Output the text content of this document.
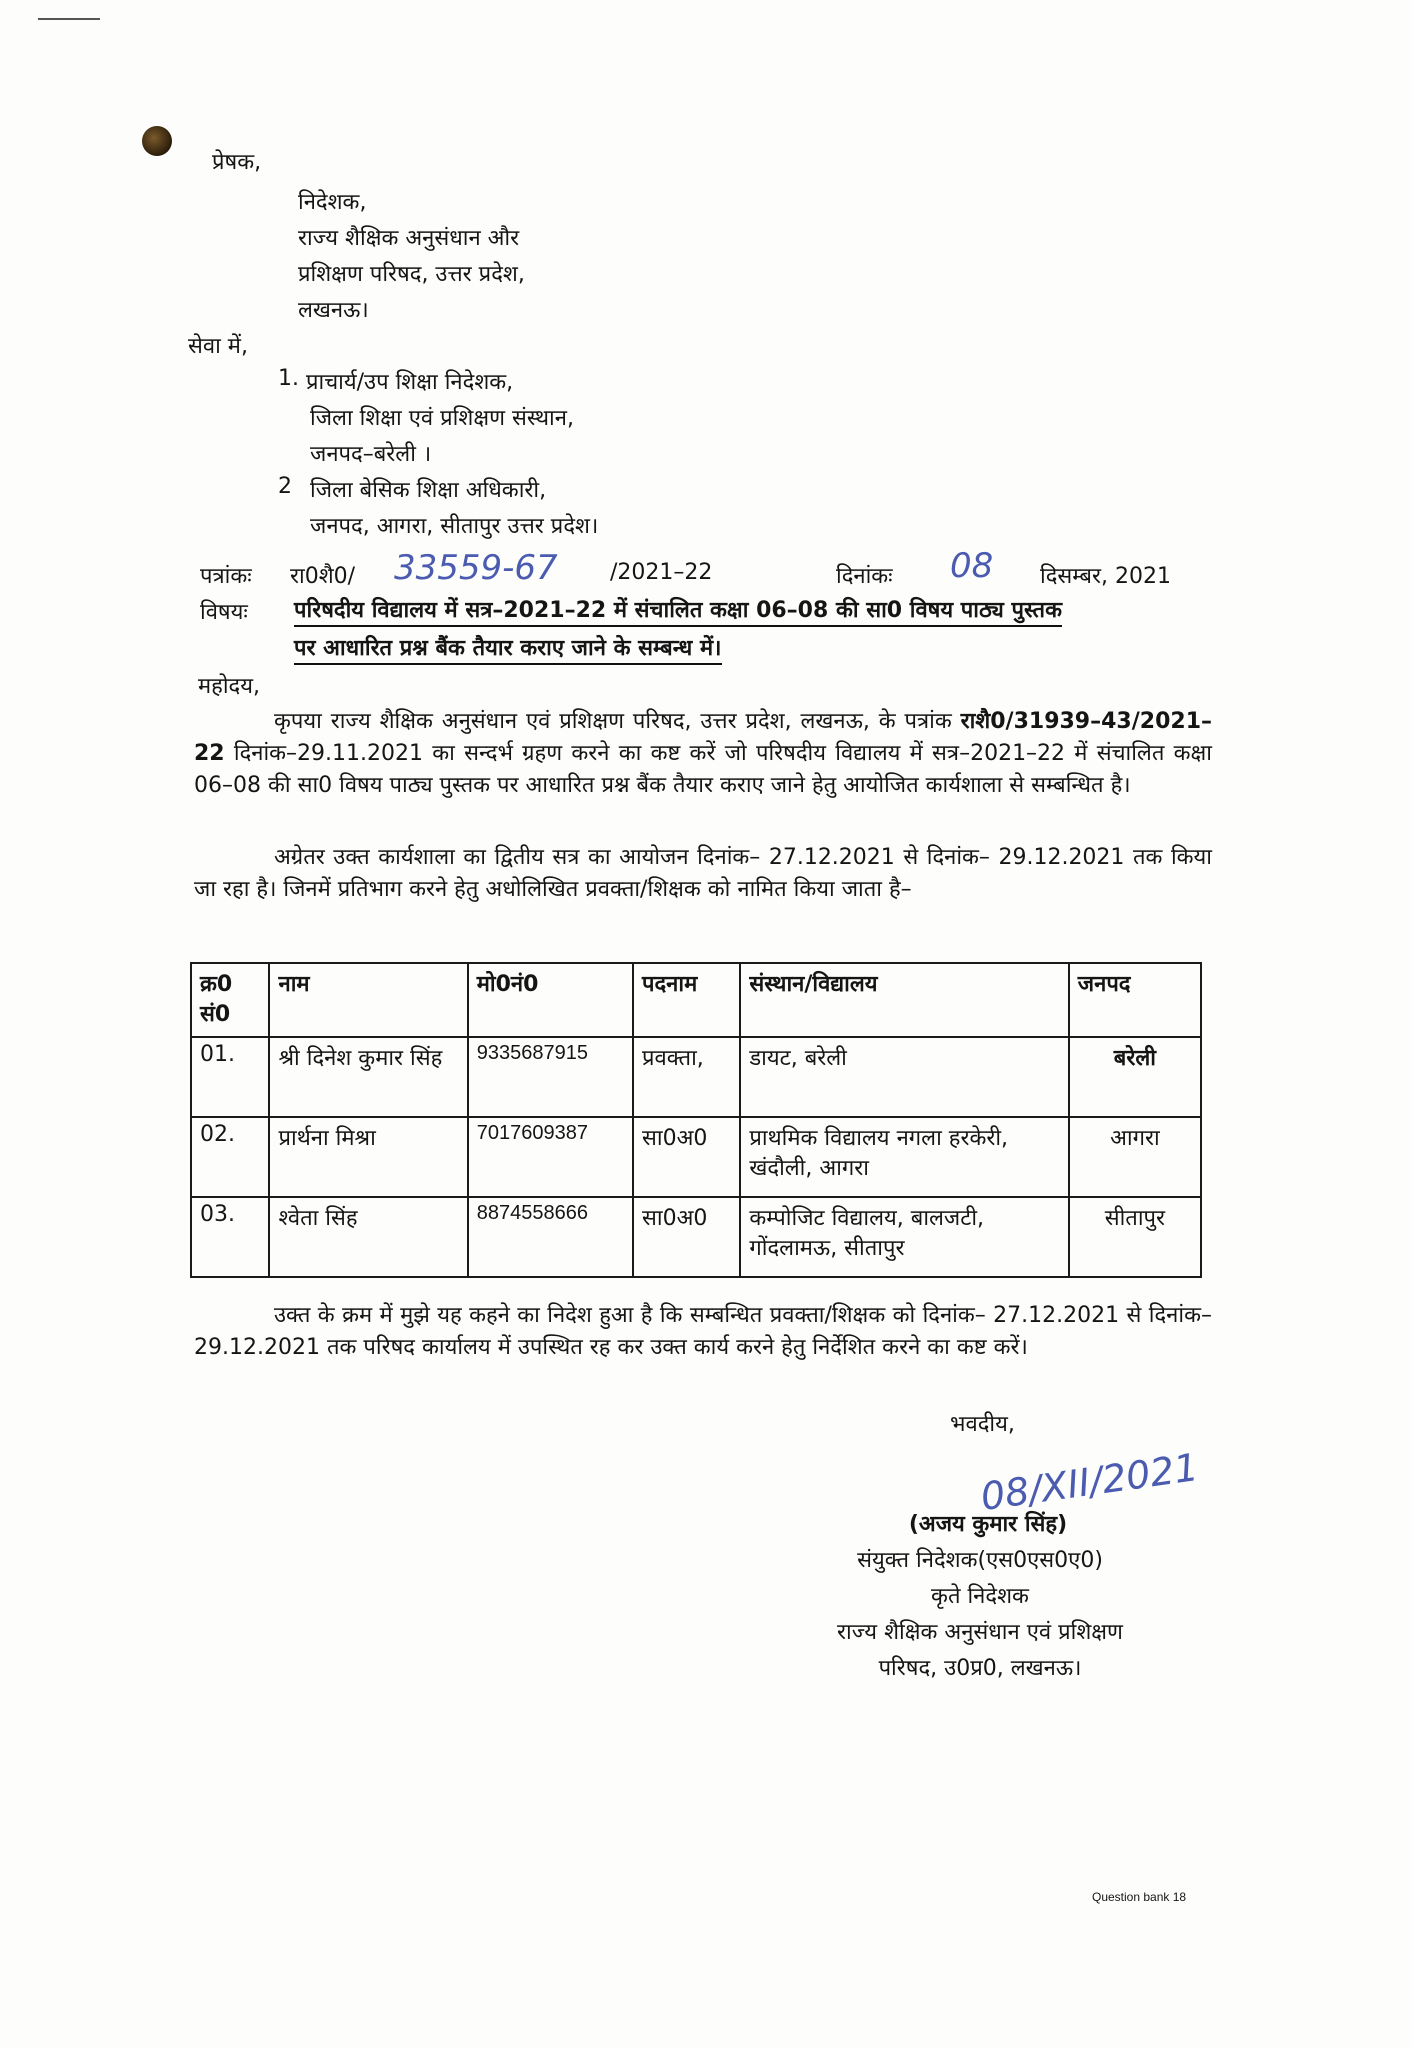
प्रेषक,
निदेशक,
राज्य शैक्षिक अनुसंधान और
प्रशिक्षण परिषद, उत्तर प्रदेश,
लखनऊ।
सेवा में,
1. प्राचार्य/उप शिक्षा निदेशक,
जिला शिक्षा एवं प्रशिक्षण संस्थान,
जनपद–बरेली ।
2 जिला बेसिक शिक्षा अधिकारी,
जनपद, आगरा, सीतापुर उत्तर प्रदेश।
पत्रांकः रा0शै0/ 33559-67 /2021–22	दिनांकः 08 दिसम्बर, 2021
विषयः परिषदीय विद्यालय में सत्र–2021–22 में संचालित कक्षा 06–08 की सा0 विषय पाठ्य पुस्तक
पर आधारित प्रश्न बैंक तैयार कराए जाने के सम्बन्ध में।
महोदय,
कृपया राज्य शैक्षिक अनुसंधान एवं प्रशिक्षण परिषद, उत्तर प्रदेश, लखनऊ, के पत्रांक राशै0/31939–43/2021–22 दिनांक–29.11.2021 का सन्दर्भ ग्रहण करने का कष्ट करें जो परिषदीय विद्यालय में सत्र–2021–22 में संचालित कक्षा 06–08 की सा0 विषय पाठ्य पुस्तक पर आधारित प्रश्न बैंक तैयार कराए जाने हेतु आयोजित कार्यशाला से सम्बन्धित है।
अग्रेतर उक्त कार्यशाला का द्वितीय सत्र का आयोजन दिनांक– 27.12.2021 से दिनांक– 29.12.2021 तक किया जा रहा है। जिनमें प्रतिभाग करने हेतु अधोलिखित प्रवक्ता/शिक्षक को नामित किया जाता है–
क्र0 सं0	नाम	मो0नं0	पदनाम	संस्थान/विद्यालय	जनपद
01.	श्री दिनेश कुमार सिंह	9335687915	प्रवक्ता,	डायट, बरेली	बरेली
02.	प्रार्थना मिश्रा	7017609387	सा0अ0	प्राथमिक विद्यालय नगला हरकेरी, खंदौली, आगरा	आगरा
03.	श्वेता सिंह	8874558666	सा0अ0	कम्पोजिट विद्यालय, बालजटी, गोंदलामऊ, सीतापुर	सीतापुर
उक्त के क्रम में मुझे यह कहने का निदेश हुआ है कि सम्बन्धित प्रवक्ता/शिक्षक को दिनांक– 27.12.2021 से दिनांक– 29.12.2021 तक परिषद कार्यालय में उपस्थित रह कर उक्त कार्य करने हेतु निर्देशित करने का कष्ट करें।
भवदीय,
08/XII/2021
(अजय कुमार सिंह)
संयुक्त निदेशक(एस0एस0ए0)
कृते निदेशक
राज्य शैक्षिक अनुसंधान एवं प्रशिक्षण
परिषद, उ0प्र0, लखनऊ।
Question bank 18
